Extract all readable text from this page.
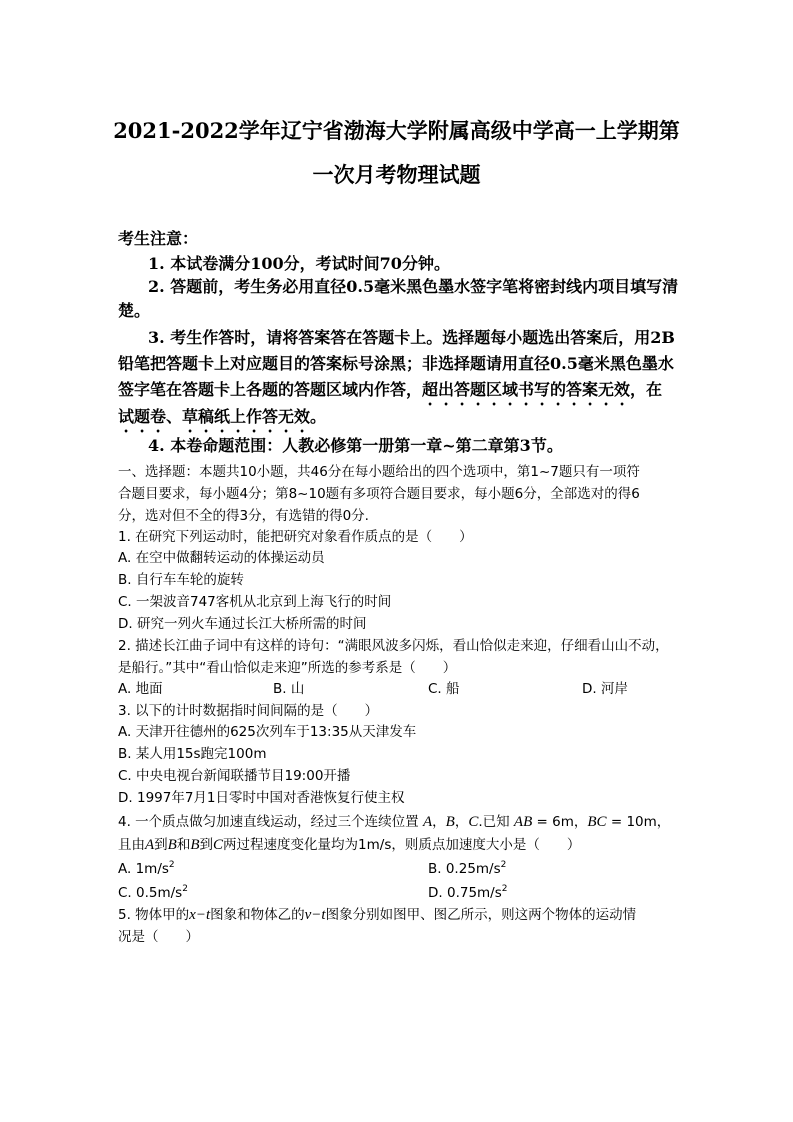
2021-2022学年辽宁省渤海大学附属高级中学高一上学期第
一次月考物理试题
考生注意：
1. 本试卷满分100分，考试时间70分钟。
2. 答题前，考生务必用直径0.5毫米黑色墨水签字笔将密封线内项目填写清
楚。
3. 考生作答时，请将答案答在答题卡上。选择题每小题选出答案后，用2B
铅笔把答题卡上对应题目的答案标号涂黑；非选择题请用直径0.5毫米黑色墨水
签字笔在答题卡上各题的答题区域内作答，超出答题区域书写的答案无效，在
试题卷、草稿纸上作答无效。
4. 本卷命题范围：人教必修第一册第一章~第二章第3节。
一、选择题：本题共10小题，共46分在每小题给出的四个选项中，第1~7题只有一项符
合题目要求，每小题4分；第8~10题有多项符合题目要求，每小题6分，全部选对的得6
分，选对但不全的得3分，有选错的得0分.
1. 在研究下列运动时，能把研究对象看作质点的是（　　）
A. 在空中做翻转运动的体操运动员
B. 自行车车轮的旋转
C. 一架波音747客机从北京到上海飞行的时间
D. 研究一列火车通过长江大桥所需的时间
2. 描述长江曲子词中有这样的诗句：“满眼风波多闪烁，看山恰似走来迎，仔细看山山不动，
是船行。”其中“看山恰似走来迎”所选的参考系是（　　）
A. 地面	B. 山	C. 船	D. 河岸
3. 以下的计时数据指时间间隔的是（　　）
A. 天津开往德州的625次列车于13:35从天津发车
B. 某人用15s跑完100m
C. 中央电视台新闻联播节目19:00开播
D. 1997年7月1日零时中国对香港恢复行使主权
4. 一个质点做匀加速直线运动，经过三个连续位置 A，B，C.已知 AB = 6m，BC = 10m，
且由A到B和B到C两过程速度变化量均为1m/s，则质点加速度大小是（　　）
A. $1m/s^2$	B. $0.25m/s^2$
C. $0.5m/s^2$	D. $0.75m/s^2$
5. 物体甲的x−t图象和物体乙的v−t图象分别如图甲、图乙所示，则这两个物体的运动情
况是（　　）
